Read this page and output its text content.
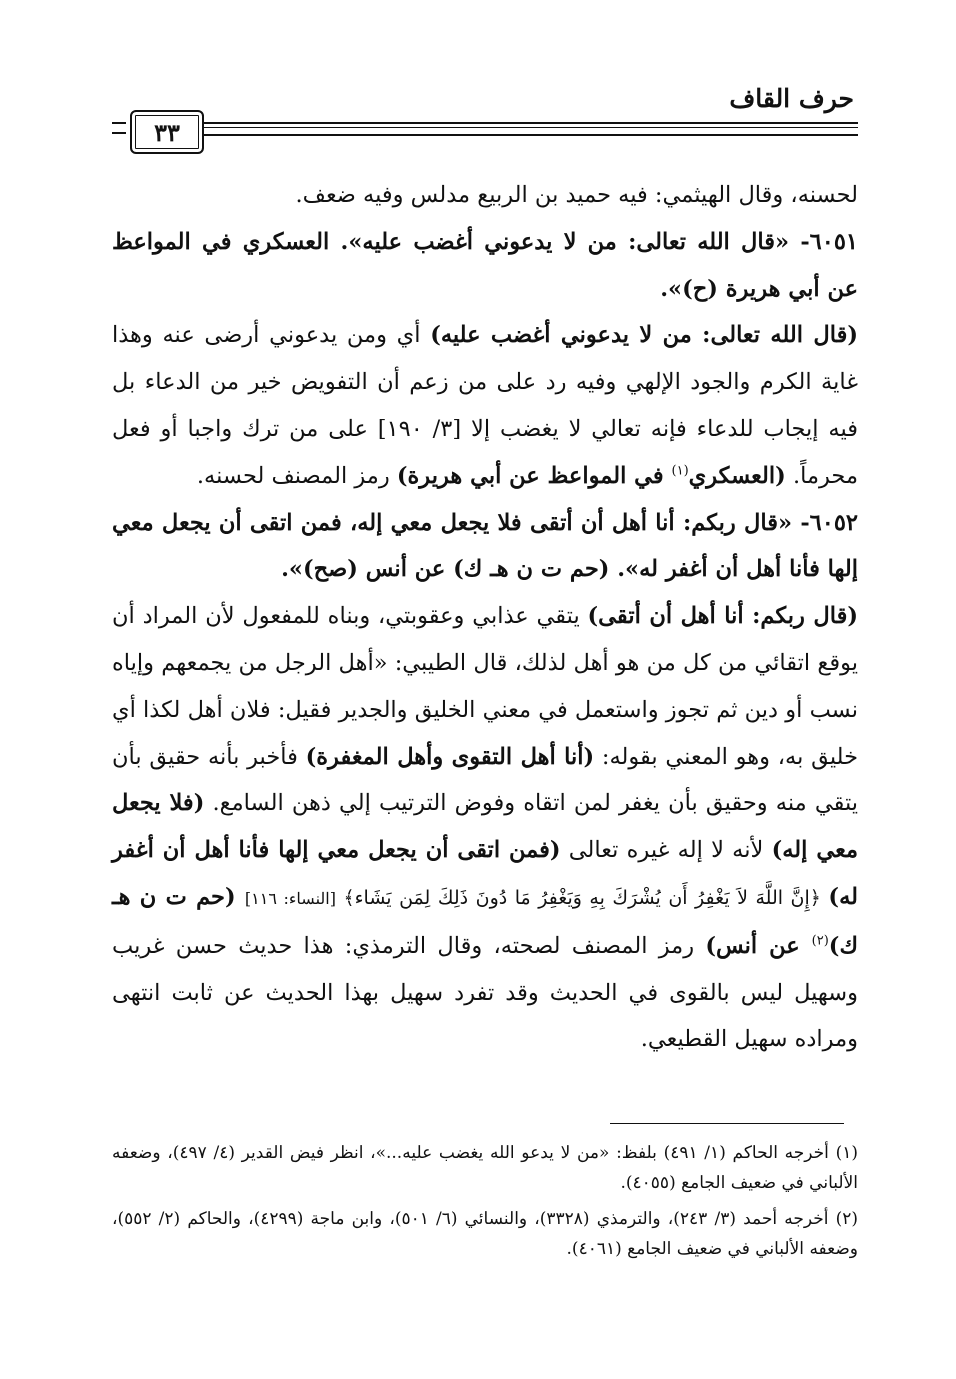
حرف القاف
٣٣

لحسنه، وقال الهيثمي: فيه حميد بن الربيع مدلس وفيه ضعف.

٦٠٥١- «قال الله تعالى: من لا يدعوني أغضب عليه». العسكري في المواعظ عن أبي هريرة (ح)».

(قال الله تعالى: من لا يدعوني أغضب عليه) أي ومن يدعوني أرضى عنه وهذا غاية الكرم والجود الإلهي وفيه رد على من زعم أن التفويض خير من الدعاء بل فيه إيجاب للدعاء فإنه تعالي لا يغضب إلا [٣/ ١٩٠] على من ترك واجبا أو فعل محرماً. (العسكري$^{(١)}$ في المواعظ عن أبي هريرة) رمز المصنف لحسنه.

٦٠٥٢- «قال ربكم: أنا أهل أن أتقى فلا يجعل معي إله، فمن اتقى أن يجعل معي إلها فأنا أهل أن أغفر له». (حم ت ن هـ ك) عن أنس (صح)».

(قال ربكم: أنا أهل أن أتقى) يتقي عذابي وعقوبتي، وبناه للمفعول لأن المراد أن يوقع اتقائي من كل من هو أهل لذلك، قال الطيبي: «أهل الرجل من يجمعهم وإياه نسب أو دين ثم تجوز واستعمل في معني الخليق والجدير فقيل: فلان أهل لكذا أي خليق به، وهو المعني بقوله: (أنا أهل التقوى وأهل المغفرة) فأخبر بأنه حقيق بأن يتقي منه وحقيق بأن يغفر لمن اتقاه وفوض الترتيب إلي ذهن السامع. (فلا يجعل معي إله) لأنه لا إله غيره تعالى (فمن اتقى أن يجعل معي إلها فأنا أهل أن أغفر له) ﴿إِنَّ اللَّهَ لاَ يَغْفِرُ أَن يُشْرَكَ بِهِ وَيَغْفِرُ مَا دُونَ ذَلِكَ لِمَن يَشَاء﴾ [النساء: ١١٦] (حم ت ن هـ ك)$^{(٢)}$ عن أنس) رمز المصنف لصحته، وقال الترمذي: هذا حديث حسن غريب وسهيل ليس بالقوى في الحديث وقد تفرد سهيل بهذا الحديث عن ثابت انتهى ومراده سهيل القطيعي.

(١) أخرجه الحاكم (١/ ٤٩١) بلفظ: «من لا يدعو الله يغضب عليه...»، انظر فيض القدير (٤/ ٤٩٧)، وضعفه الألباني في ضعيف الجامع (٤٠٥٥).

(٢) أخرجه أحمد (٣/ ٢٤٣)، والترمذي (٣٣٢٨)، والنسائي (٦/ ٥٠١)، وابن ماجة (٤٢٩٩)، والحاكم (٢/ ٥٥٢)، وضعفه الألباني في ضعيف الجامع (٤٠٦١).
